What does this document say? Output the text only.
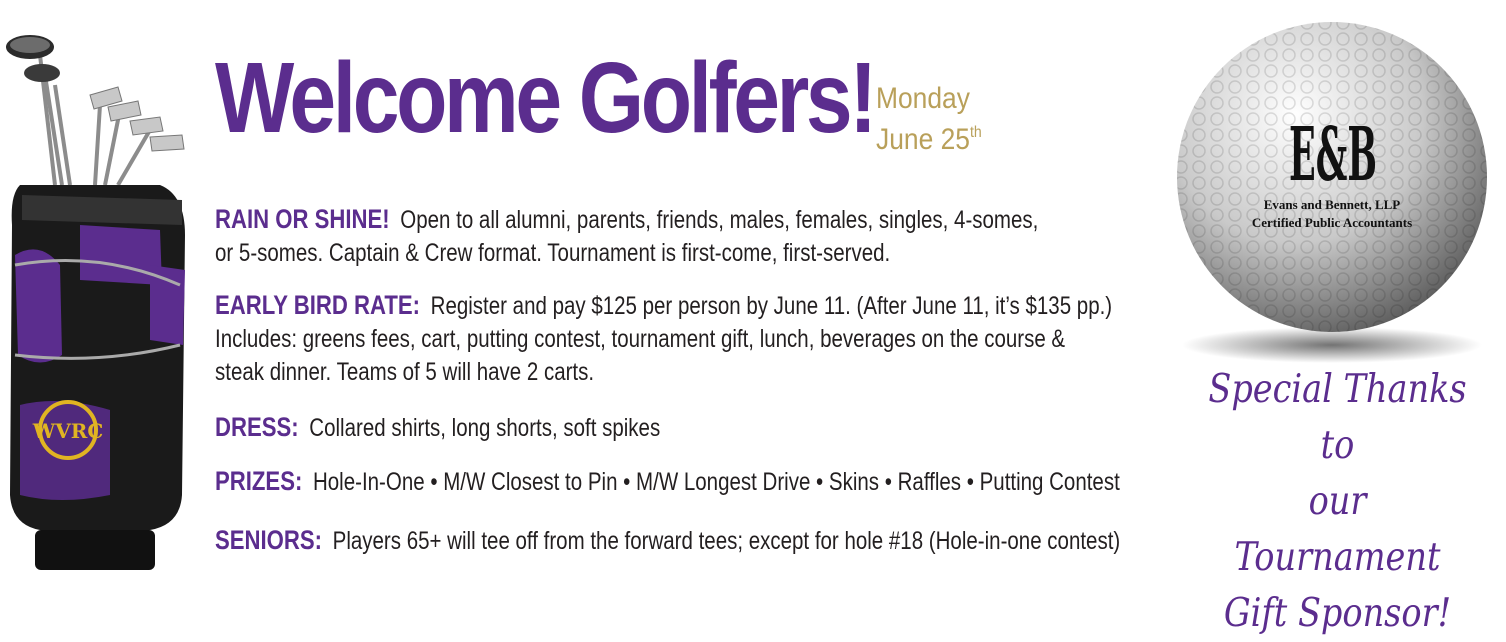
WVRC
Welcome Golfers! Monday
June 25th
RAIN OR SHINE! Open to all alumni, parents, friends, males, females, singles, 4-somes,
or 5-somes. Captain & Crew format. Tournament is first-come, first-served.
EARLY BIRD RATE: Register and pay $125 per person by June 11. (After June 11, it’s $135 pp.)
Includes: greens fees, cart, putting contest, tournament gift, lunch, beverages on the course &
steak dinner. Teams of 5 will have 2 carts.
DRESS: Collared shirts, long shorts, soft spikes
PRIZES: Hole-In-One • M/W Closest to Pin • M/W Longest Drive • Skins • Raffles • Putting Contest
SENIORS: Players 65+ will tee off from the forward tees; except for hole #18 (Hole-in-one contest)
E&B
Evans and Bennett, LLP
Certified Public Accountants
Special Thanks to
our Tournament
Gift Sponsor!
